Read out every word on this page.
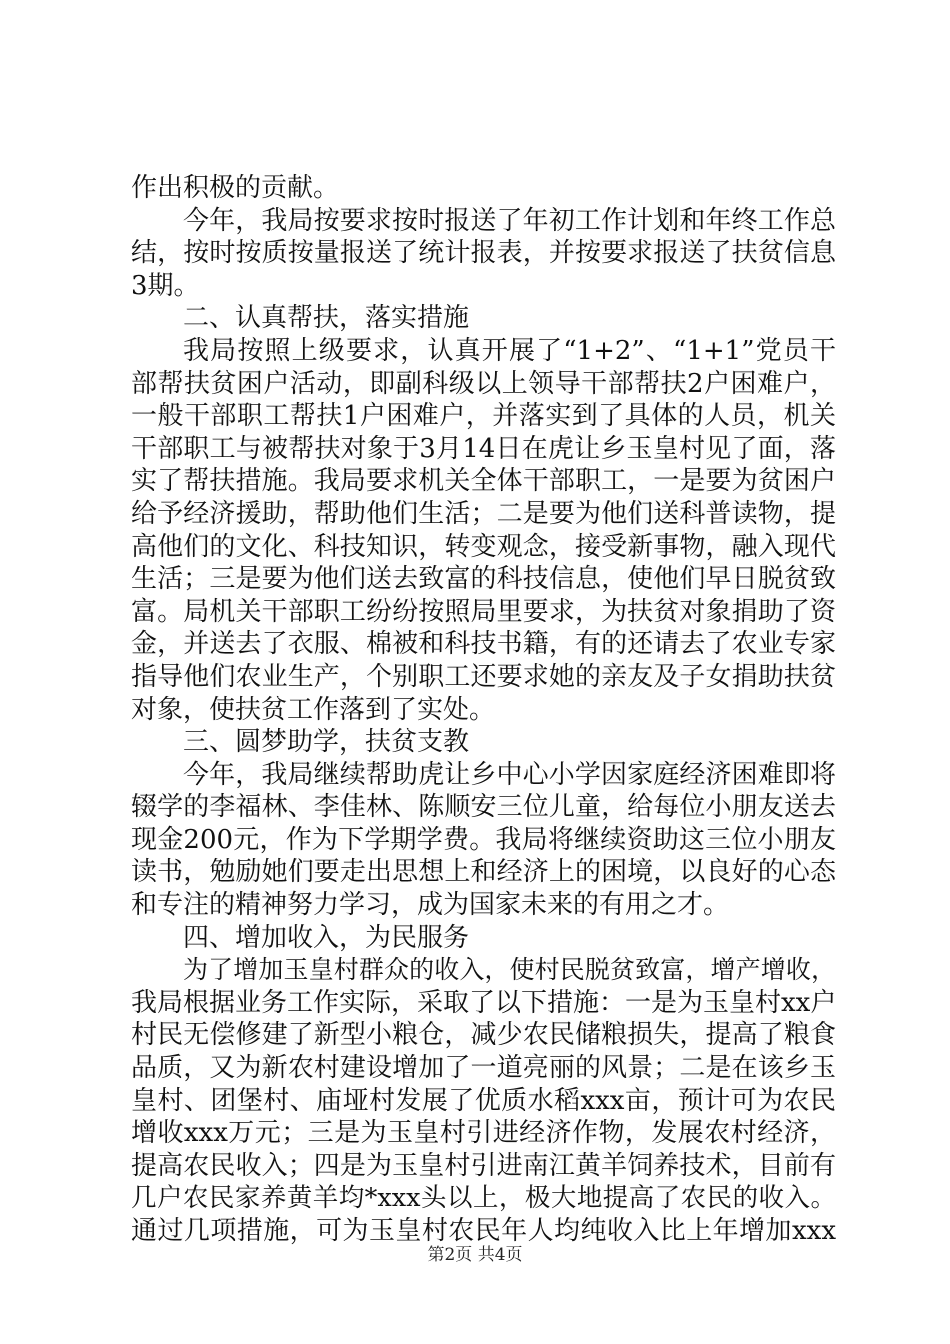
作出积极的贡献。
今年，我局按要求按时报送了年初工作计划和年终工作总
结，按时按质按量报送了统计报表，并按要求报送了扶贫信息
3期。
二、认真帮扶，落实措施
我局按照上级要求，认真开展了“1+2”、“1+1”党员干
部帮扶贫困户活动，即副科级以上领导干部帮扶2户困难户，
一般干部职工帮扶1户困难户，并落实到了具体的人员，机关
干部职工与被帮扶对象于3月14日在虎让乡玉皇村见了面，落
实了帮扶措施。我局要求机关全体干部职工，一是要为贫困户
给予经济援助，帮助他们生活；二是要为他们送科普读物，提
高他们的文化、科技知识，转变观念，接受新事物，融入现代
生活；三是要为他们送去致富的科技信息，使他们早日脱贫致
富。局机关干部职工纷纷按照局里要求，为扶贫对象捐助了资
金，并送去了衣服、棉被和科技书籍，有的还请去了农业专家
指导他们农业生产，个别职工还要求她的亲友及子女捐助扶贫
对象，使扶贫工作落到了实处。
三、圆梦助学，扶贫支教
今年，我局继续帮助虎让乡中心小学因家庭经济困难即将
辍学的李福林、李佳林、陈顺安三位儿童，给每位小朋友送去
现金200元，作为下学期学费。我局将继续资助这三位小朋友
读书，勉励她们要走出思想上和经济上的困境，以良好的心态
和专注的精神努力学习，成为国家未来的有用之才。
四、增加收入，为民服务
为了增加玉皇村群众的收入，使村民脱贫致富，增产增收，
我局根据业务工作实际，采取了以下措施：一是为玉皇村xx户
村民无偿修建了新型小粮仓，减少农民储粮损失，提高了粮食
品质，又为新农村建设增加了一道亮丽的风景；二是在该乡玉
皇村、团堡村、庙垭村发展了优质水稻xxx亩，预计可为农民
增收xxx万元；三是为玉皇村引进经济作物，发展农村经济，
提高农民收入；四是为玉皇村引进南江黄羊饲养技术，目前有
几户农民家养黄羊均*xxx头以上，极大地提高了农民的收入。
通过几项措施，可为玉皇村农民年人均纯收入比上年增加xxx
第2页 共4页
